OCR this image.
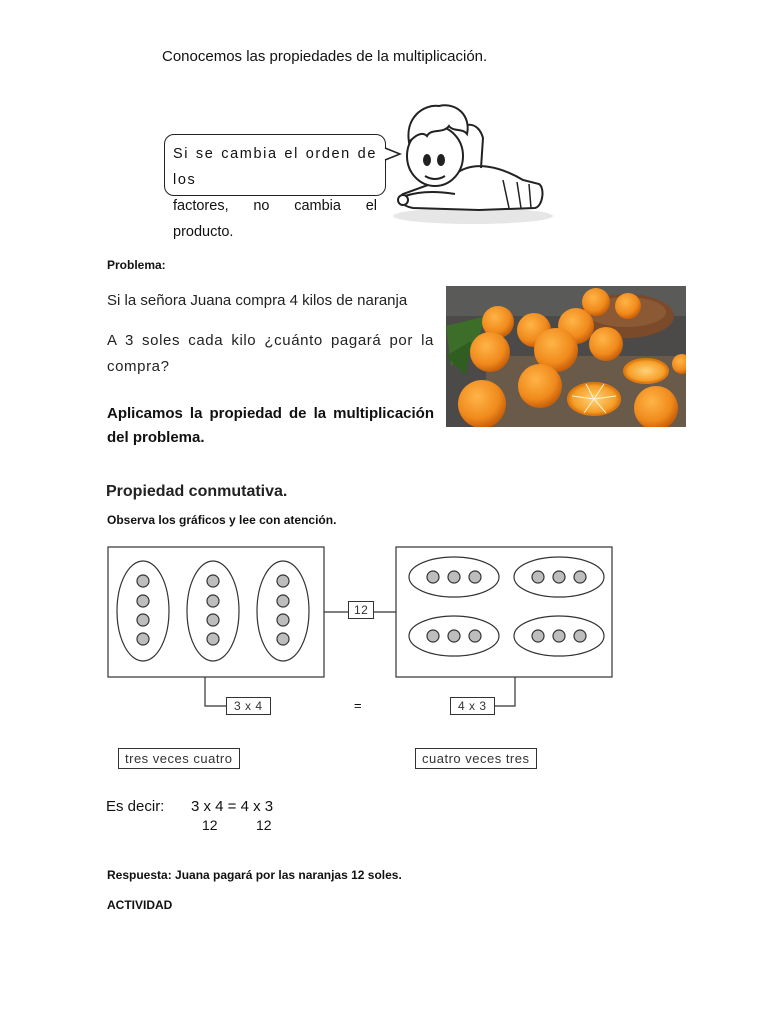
Conocemos las propiedades de la multiplicación.
Si se cambia el orden de los
factores, no cambia el producto.
Problema:
Si la señora Juana compra 4 kilos de naranja
A 3 soles cada kilo ¿cuánto pagará por la compra?
Aplicamos la propiedad de la multiplicación del problema.
Propiedad conmutativa.
Observa los gráficos y lee con atención.
12
3 x 4	=	4 x 3
tres veces cuatro	cuatro veces tres
Es decir: 3 x 4 = 4 x 3
12	12
Respuesta: Juana pagará por las naranjas 12 soles.
ACTIVIDAD
